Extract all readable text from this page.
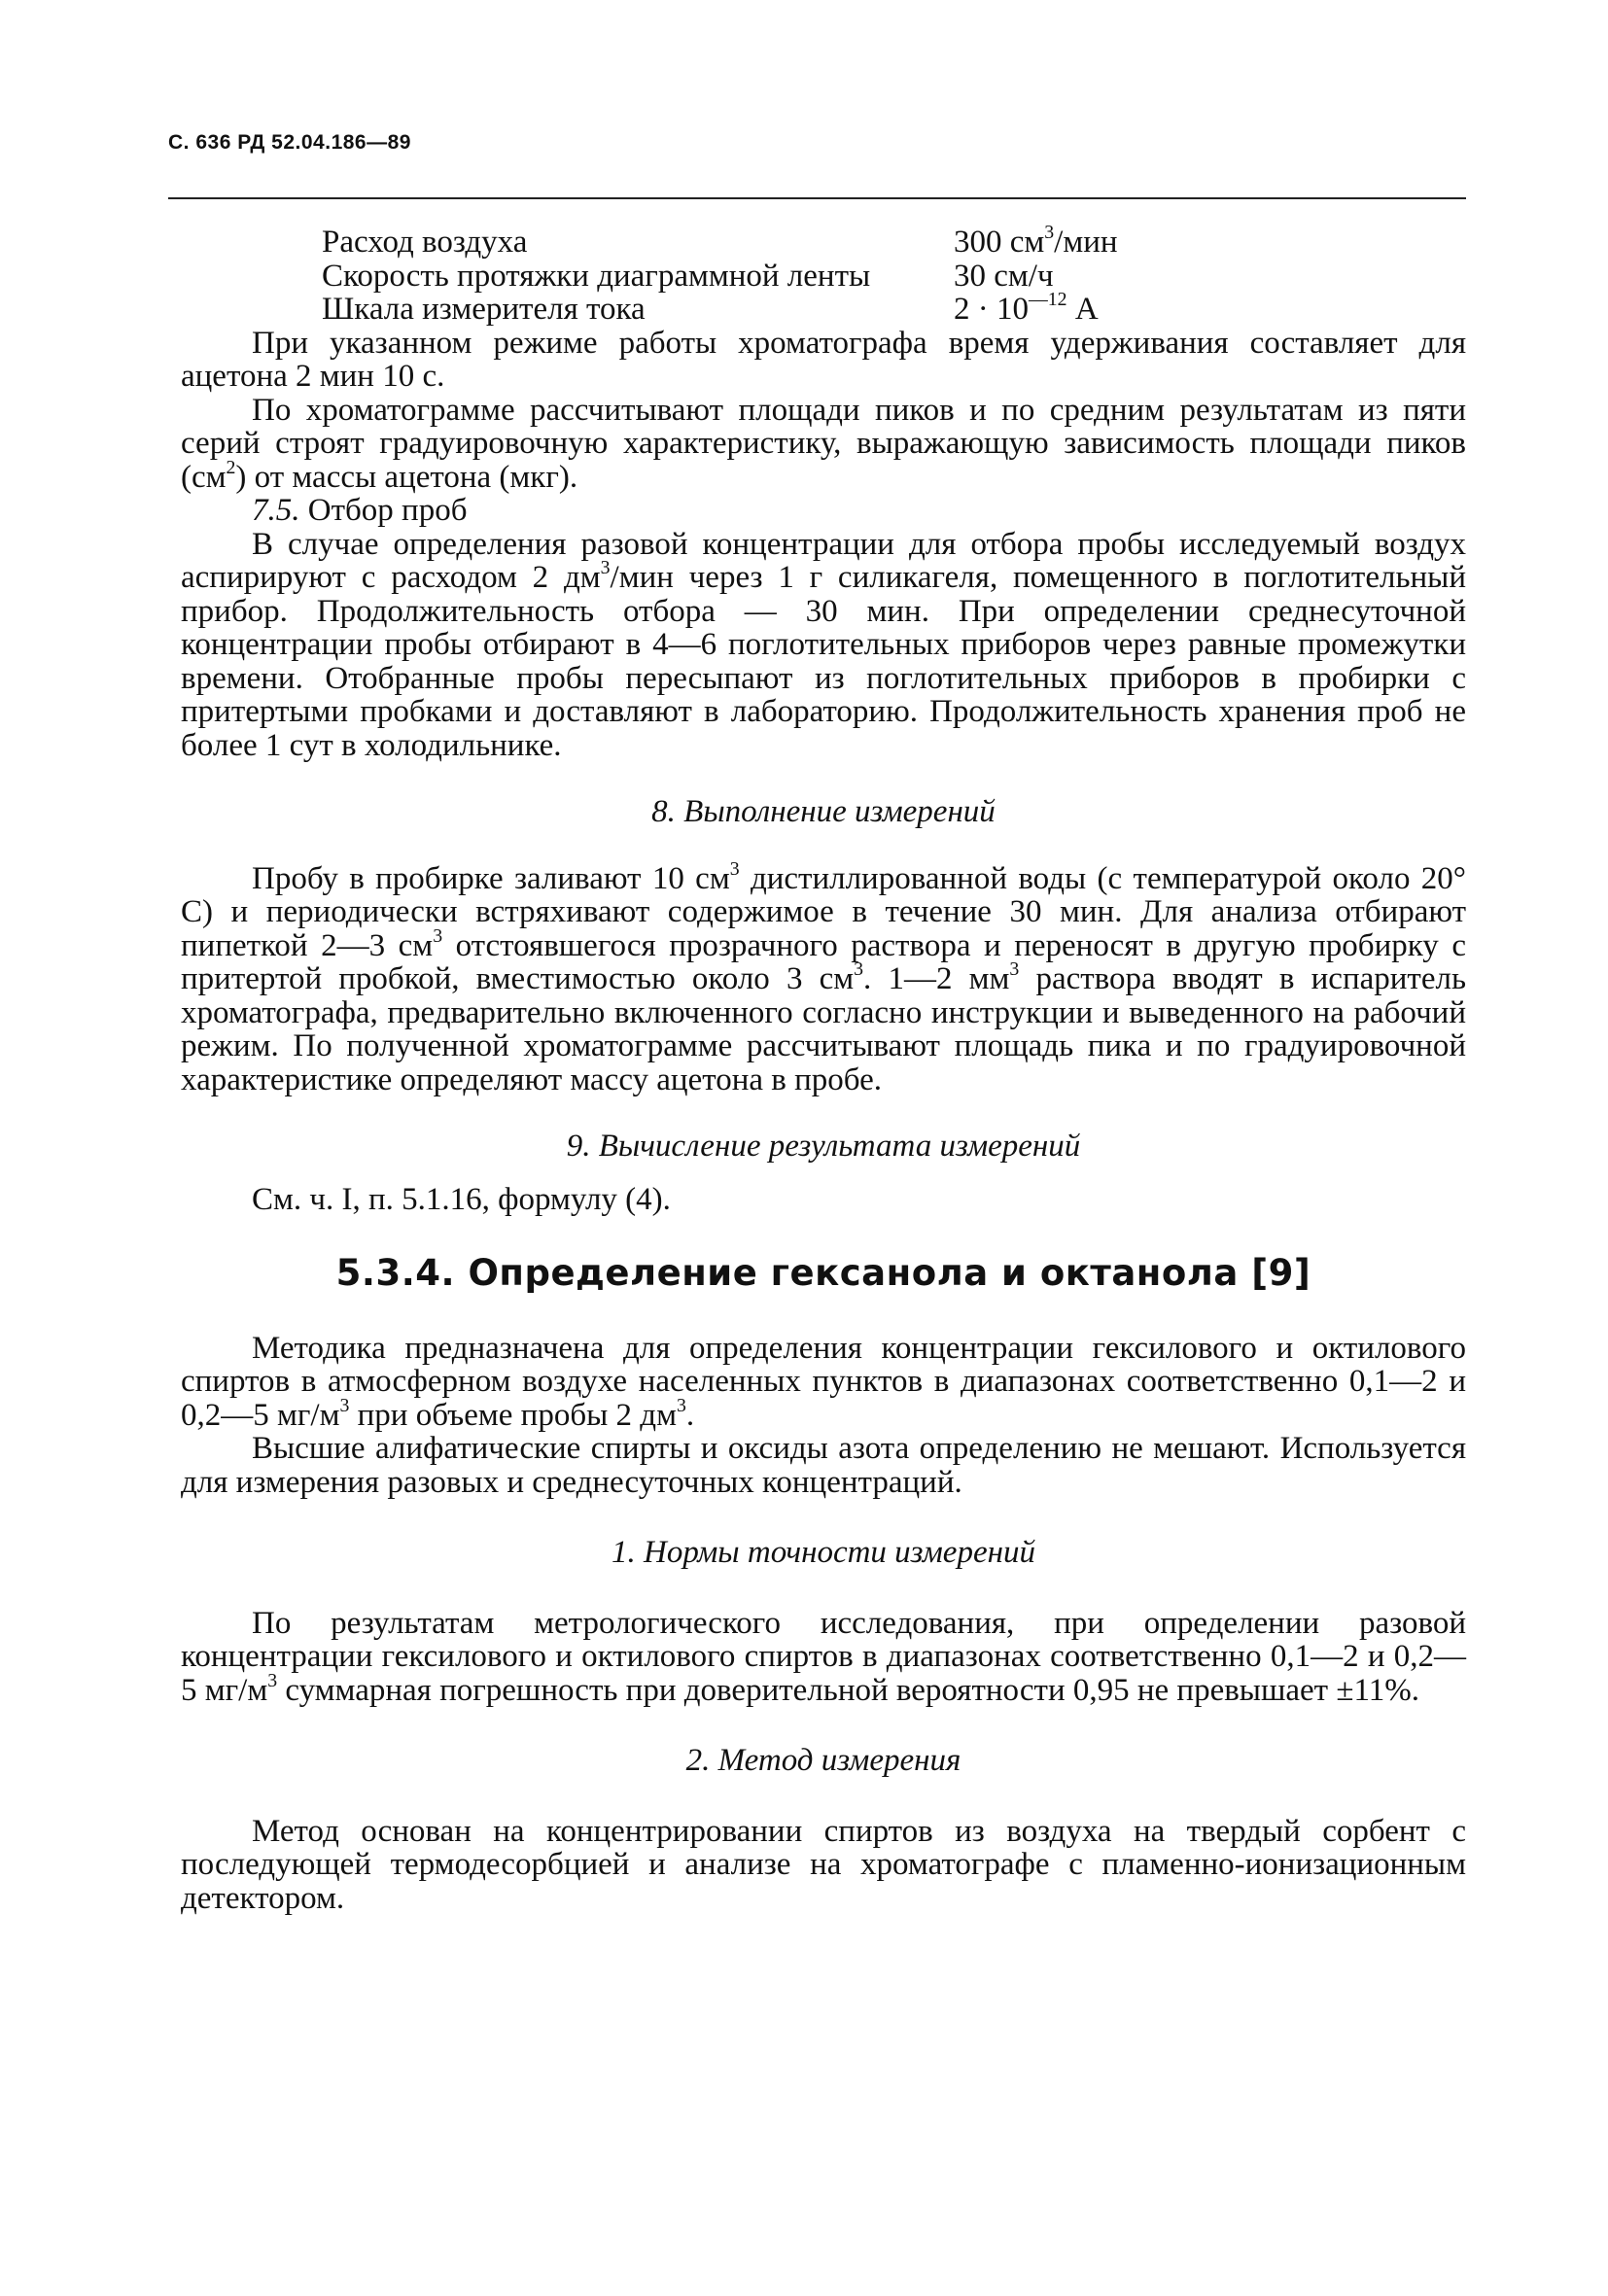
С. 636 РД 52.04.186—89
Расход воздуха	300 $см^3$/мин
Скорость протяжки диаграммной ленты	30 см/ч
Шкала измерителя тока	$2 \cdot 10^{—12}$ А

При указанном режиме работы хроматографа время удерживания составляет для ацетона 2 мин 10 с.

По хроматограмме рассчитывают площади пиков и по средним результатам из пяти серий строят градуировочную характеристику, выражающую зависимость площади пиков $(см^2)$ от массы ацетона (мкг).

7.5. Отбор проб

В случае определения разовой концентрации для отбора пробы исследуемый воздух аспирируют с расходом 2 $дм^3$/мин через 1 г силикагеля, помещенного в поглотительный прибор. Продолжительность отбора — 30 мин. При определении среднесуточной концентрации пробы отбирают в 4—6 поглотительных приборов через равные промежутки времени. Отобранные пробы пересыпают из поглотительных приборов в пробирки с притертыми пробками и доставляют в лабораторию. Продолжительность хранения проб не более 1 сут в холодильнике.

8. Выполнение измерений

Пробу в пробирке заливают 10 $см^3$ дистиллированной воды (с температурой около 20° С) и периодически встряхивают содержимое в течение 30 мин. Для анализа отбирают пипеткой 2—3 $см^3$ отстоявшегося прозрачного раствора и переносят в другую пробирку с притертой пробкой, вместимостью около 3 $см^3$. 1—2 $мм^3$ раствора вводят в испаритель хроматографа, предварительно включенного согласно инструкции и выведенного на рабочий режим. По полученной хроматограмме рассчитывают площадь пика и по градуировочной характеристике определяют массу ацетона в пробе.

9. Вычисление результата измерений

См. ч. I, п. 5.1.16, формулу (4).

5.3.4. Определение гексанола и октанола [9]

Методика предназначена для определения концентрации гексилового и октилового спиртов в атмосферном воздухе населенных пунктов в диапазонах соответственно 0,1—2 и 0,2—5 $мг/м^3$ при объеме пробы 2 $дм^3$.

Высшие алифатические спирты и оксиды азота определению не мешают. Используется для измерения разовых и среднесуточных концентраций.

1. Нормы точности измерений

По результатам метрологического исследования, при определении разовой концентрации гексилового и октилового спиртов в диапазонах соответственно 0,1—2 и 0,2—5 $мг/м^3$ суммарная погрешность при доверительной вероятности 0,95 не превышает ±11%.

2. Метод измерения

Метод основан на концентрировании спиртов из воздуха на твердый сорбент с последующей термодесорбцией и анализе на хроматографе с пламенно-ионизационным детектором.
